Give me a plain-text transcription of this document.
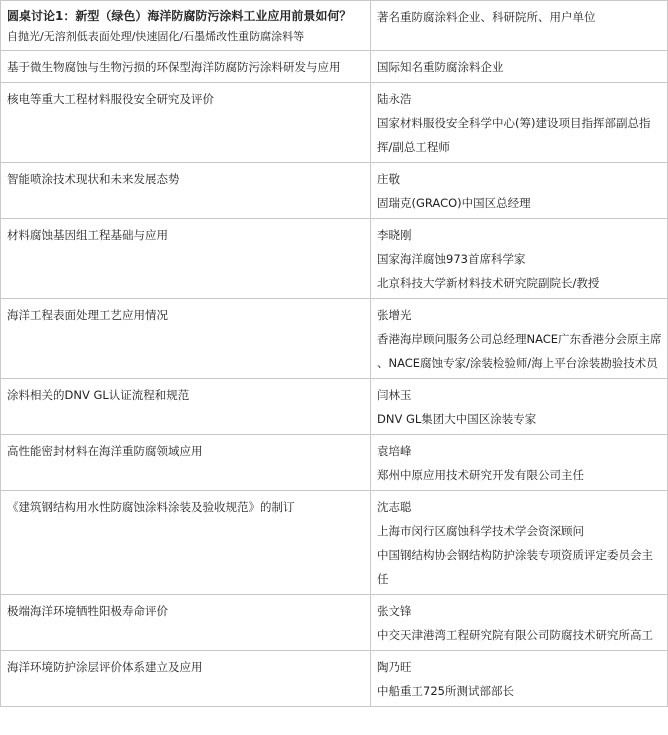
圆桌讨论1：新型（绿色）海洋防腐防污涂料工业应用前景如何？
自抛光/无溶剂低表面处理/快速固化/石墨烯改性重防腐涂料等	著名重防腐涂料企业、科研院所、用户单位

基于微生物腐蚀与生物污损的环保型海洋防腐防污涂料研发与应用	国际知名重防腐涂料企业

核电等重大工程材料服役安全研究及评价	陆永浩
国家材料服役安全科学中心(筹)建设项目指挥部副总指挥/副总工程师

智能喷涂技术现状和未来发展态势	庄敬
固瑞克(GRACO)中国区总经理

材料腐蚀基因组工程基础与应用	李晓刚
国家海洋腐蚀973首席科学家
北京科技大学新材料技术研究院副院长/教授

海洋工程表面处理工艺应用情况	张增光
香港海岸顾问服务公司总经理NACE广东香港分会原主席
、NACE腐蚀专家/涂装检验师/海上平台涂装勘验技术员

涂料相关的DNV GL认证流程和规范	闫林玉
DNV GL集团大中国区涂装专家

高性能密封材料在海洋重防腐领域应用	袁培峰
郑州中原应用技术研究开发有限公司主任

《建筑钢结构用水性防腐蚀涂料涂装及验收规范》的制订	沈志聪
上海市闵行区腐蚀科学技术学会资深顾问
中国钢结构协会钢结构防护涂装专项资质评定委员会主任

极端海洋环境牺牲阳极寿命评价	张文锋
中交天津港湾工程研究院有限公司防腐技术研究所高工

海洋环境防护涂层评价体系建立及应用	陶乃旺
中船重工725所测试部部长
